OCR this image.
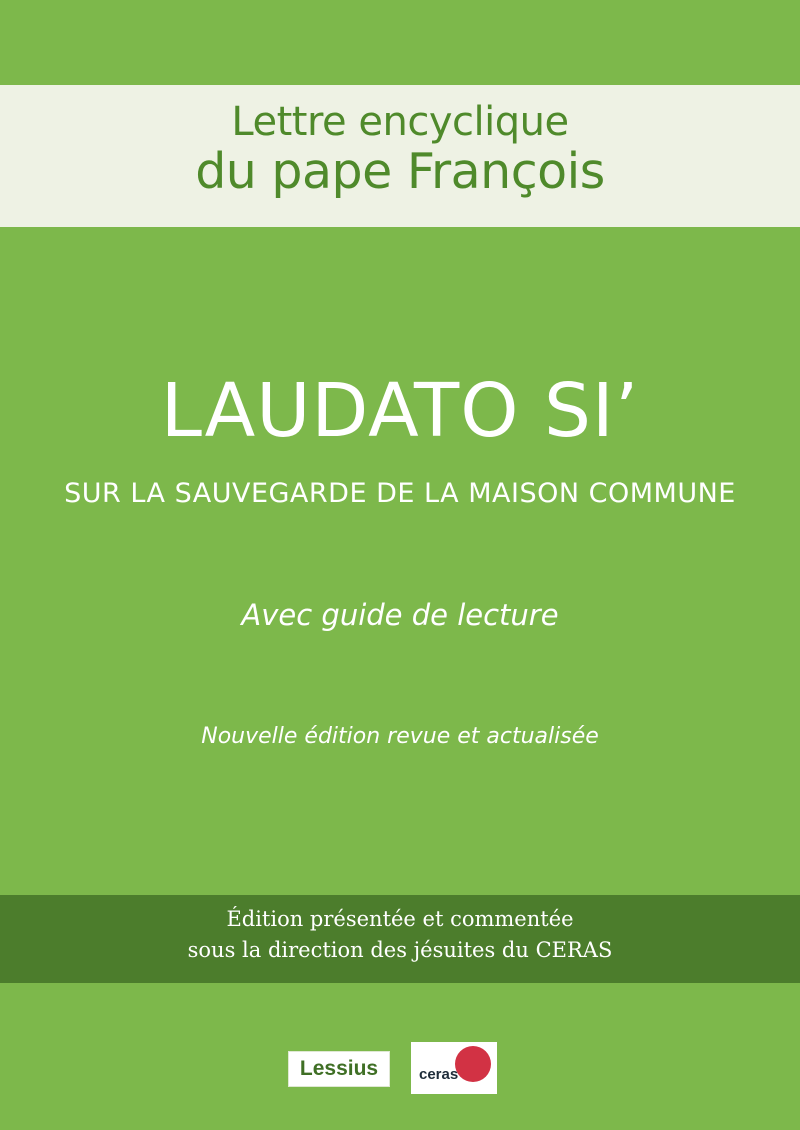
Lettre encyclique
du pape François
LAUDATO SI’
SUR LA SAUVEGARDE DE LA MAISON COMMUNE
Avec guide de lecture
Nouvelle édition revue et actualisée
Édition présentée et commentée
sous la direction des jésuites du CERAS
Lessius	ceras
